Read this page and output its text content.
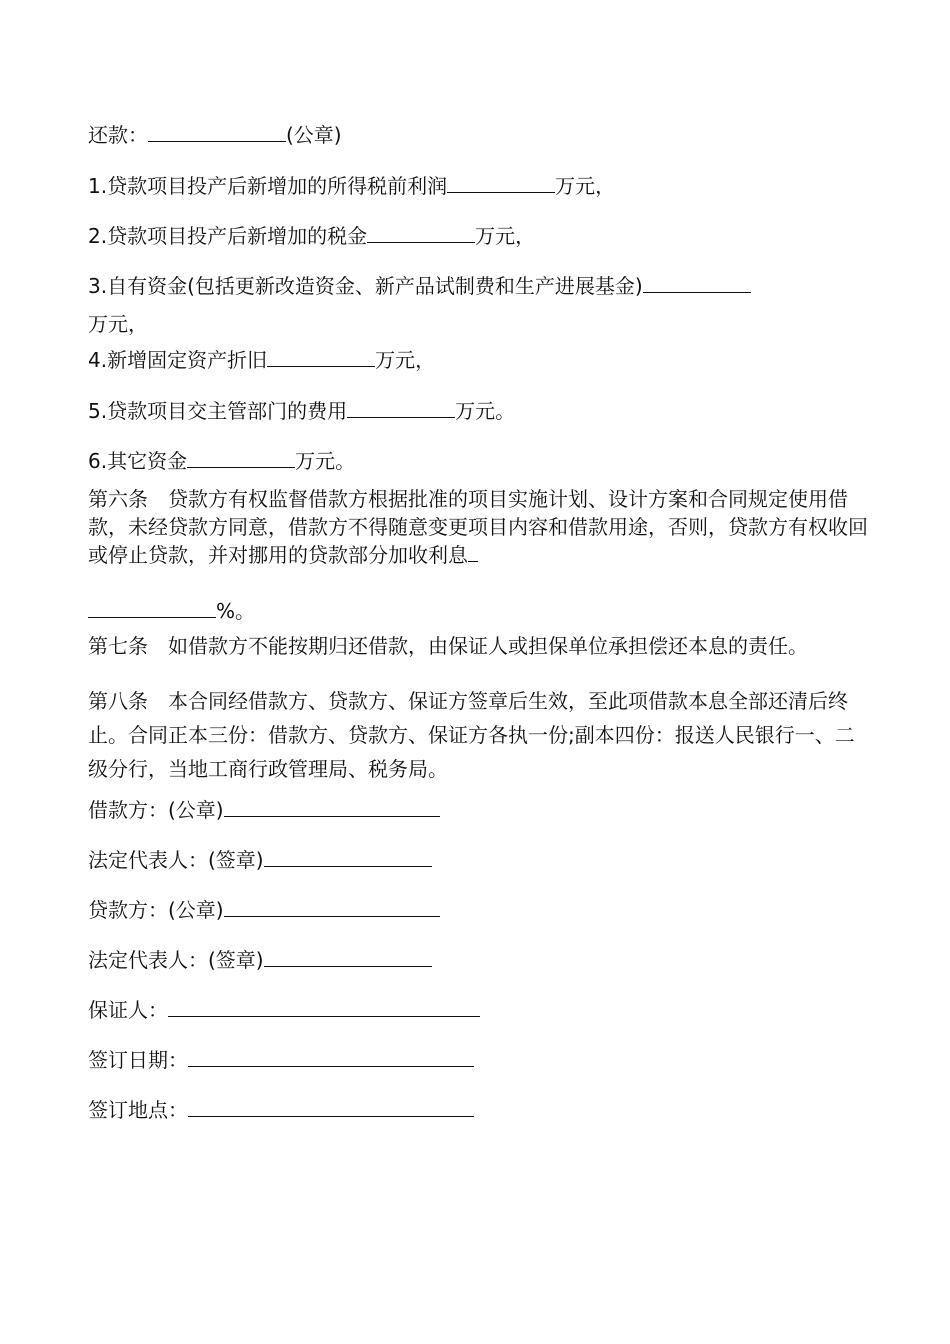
还款：	(公章)
1.贷款项目投产后新增加的所得税前利润	万元，
2.贷款项目投产后新增加的税金	万元，
3.自有资金(包括更新改造资金、新产品试制费和生产进展基金)
万元，
4.新增固定资产折旧	万元，
5.贷款项目交主管部门的费用	万元。
6.其它资金	万元。
第六条　贷款方有权监督借款方根据批准的项目实施计划、设计方案和合同规定使用借款，未经贷款方同意，借款方不得随意变更项目内容和借款用途，否则，贷款方有权收回或停止贷款，并对挪用的贷款部分加收利息
%。
第七条　如借款方不能按期归还借款，由保证人或担保单位承担偿还本息的责任。
第八条　本合同经借款方、贷款方、保证方签章后生效，至此项借款本息全部还清后终止。合同正本三份：借款方、贷款方、保证方各执一份;副本四份：报送人民银行一、二级分行，当地工商行政管理局、税务局。
借款方：(公章)
法定代表人：(签章)
贷款方：(公章)
法定代表人：(签章)
保证人：
签订日期：
签订地点：
